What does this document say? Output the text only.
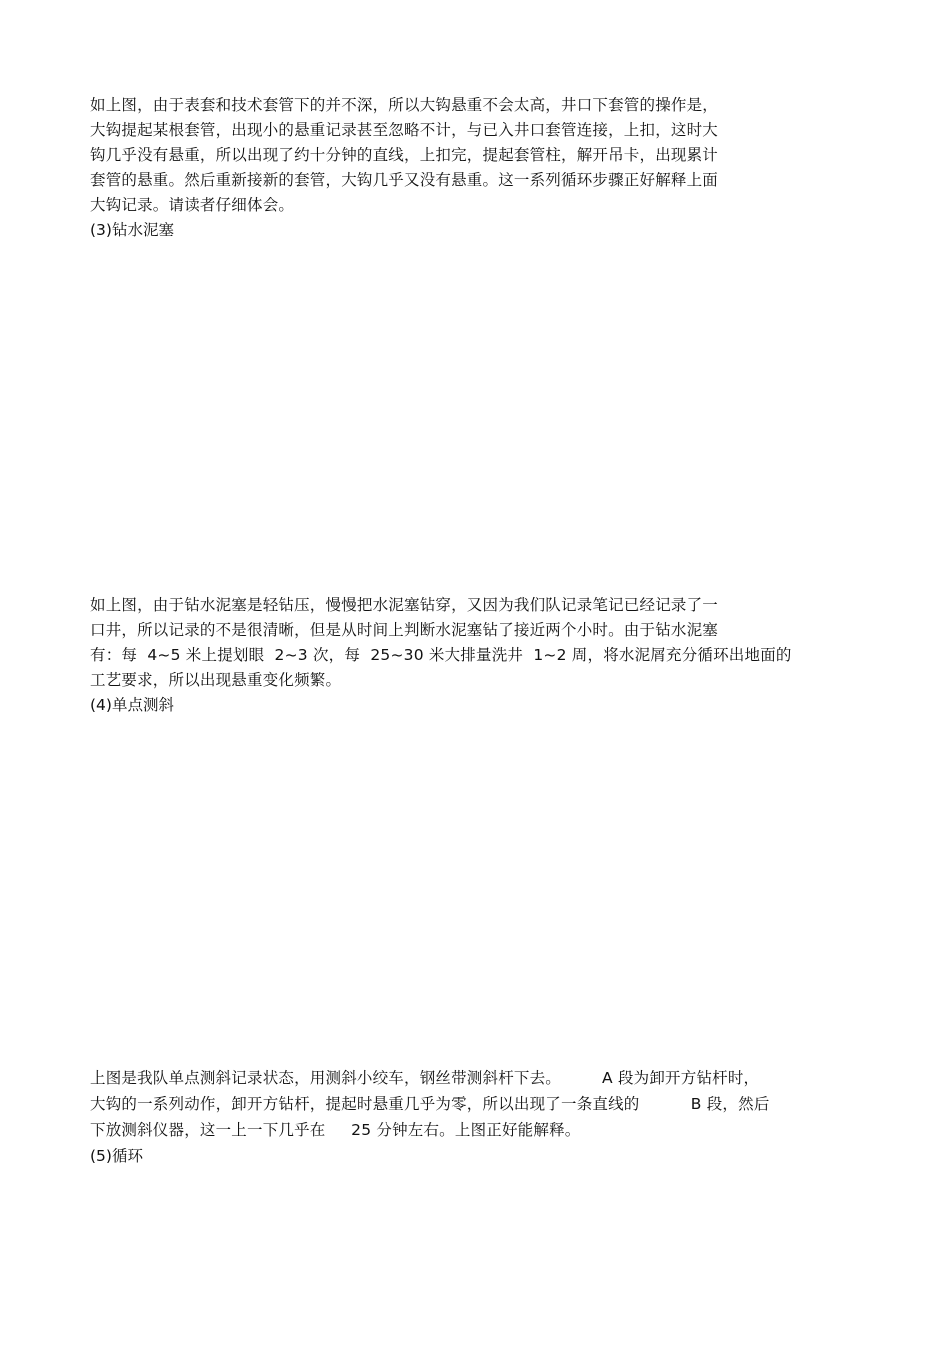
如上图，由于表套和技术套管下的并不深，所以大钩悬重不会太高，井口下套管的操作是，
大钩提起某根套管，出现小的悬重记录甚至忽略不计，与已入井口套管连接，上扣，这时大
钩几乎没有悬重，所以出现了约十分钟的直线，上扣完，提起套管柱，解开吊卡，出现累计
套管的悬重。然后重新接新的套管，大钩几乎又没有悬重。这一系列循环步骤正好解释上面
大钩记录。请读者仔细体会。
(3)钻水泥塞
如上图，由于钻水泥塞是轻钻压，慢慢把水泥塞钻穿，又因为我们队记录笔记已经记录了一
口井，所以记录的不是很清晰，但是从时间上判断水泥塞钻了接近两个小时。由于钻水泥塞
有：每  4~5 米上提划眼  2~3 次，每  25~30 米大排量洗井  1~2 周，将水泥屑充分循环出地面的
工艺要求，所以出现悬重变化频繁。
(4)单点测斜
上图是我队单点测斜记录状态，用测斜小绞车，钢丝带测斜杆下去。        A 段为卸开方钻杆时，
大钩的一系列动作，卸开方钻杆，提起时悬重几乎为零，所以出现了一条直线的          B 段，然后
下放测斜仪器，这一上一下几乎在     25 分钟左右。上图正好能解释。
(5)循环
